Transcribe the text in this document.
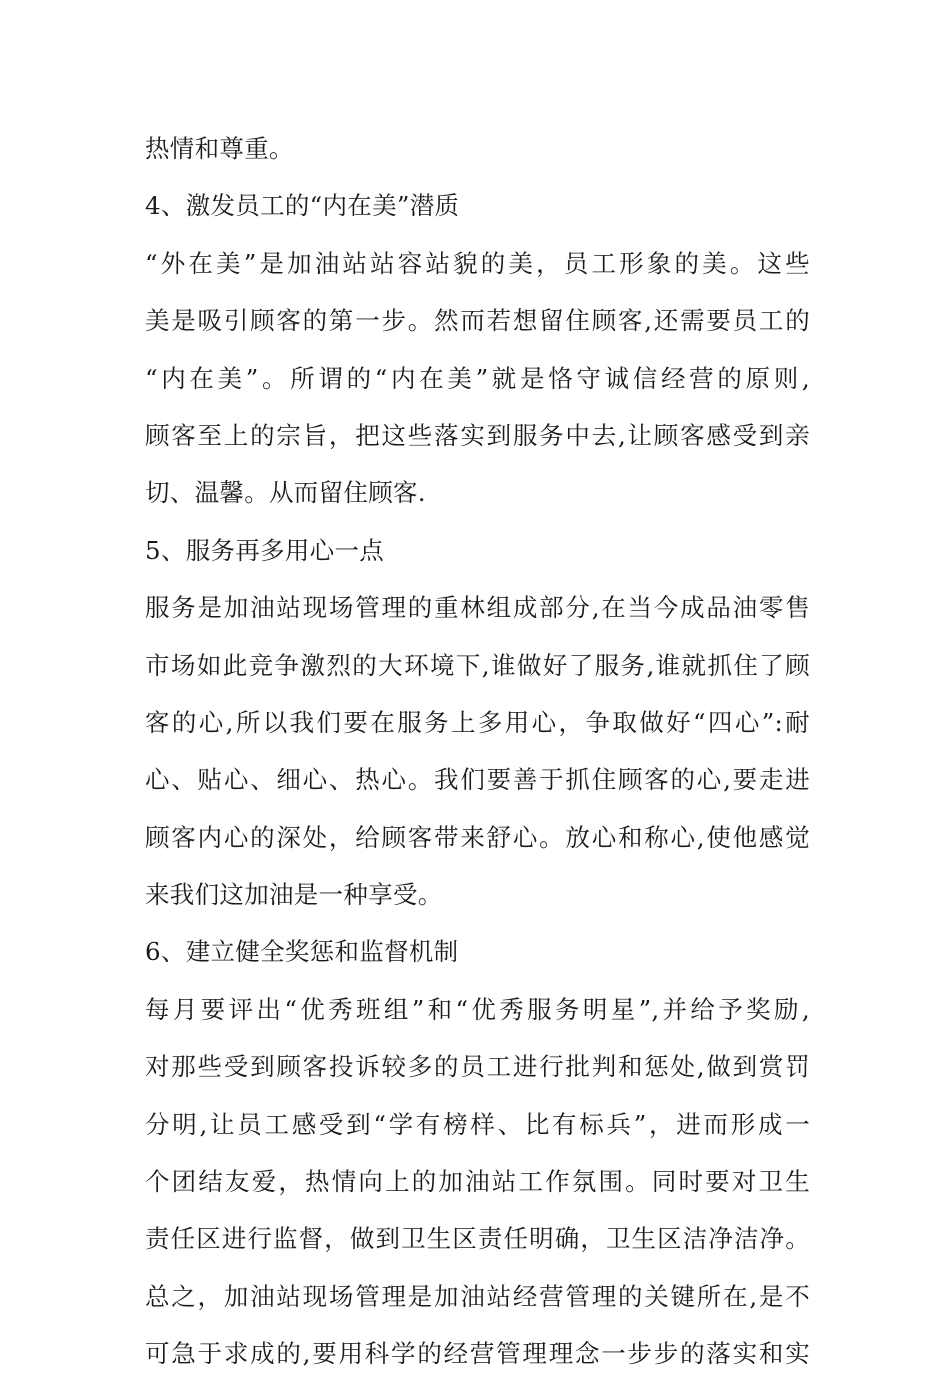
热情和尊重。
4、激发员工的“内在美”潜质
“外在美”是加油站站容站貌的美，员工形象的美。这些
美是吸引顾客的第一步。然而若想留住顾客,还需要员工的
“内在美”。所谓的“内在美”就是恪守诚信经营的原则,
顾客至上的宗旨，把这些落实到服务中去,让顾客感受到亲
切、温馨。从而留住顾客.
5、服务再多用心一点
服务是加油站现场管理的重林组成部分,在当今成品油零售
市场如此竞争激烈的大环境下,谁做好了服务,谁就抓住了顾
客的心,所以我们要在服务上多用心，争取做好“四心”:耐
心、贴心、细心、热心。我们要善于抓住顾客的心,要走进
顾客内心的深处，给顾客带来舒心。放心和称心,使他感觉
来我们这加油是一种享受。
6、建立健全奖惩和监督机制
每月要评出“优秀班组”和“优秀服务明星”,并给予奖励,
对那些受到顾客投诉较多的员工进行批判和惩处,做到赏罚
分明,让员工感受到“学有榜样、比有标兵”，进而形成一
个团结友爱，热情向上的加油站工作氛围。同时要对卫生
责任区进行监督，做到卫生区责任明确，卫生区洁净洁净。
总之，加油站现场管理是加油站经营管理的关键所在,是不
可急于求成的,要用科学的经营管理理念一步步的落实和实
